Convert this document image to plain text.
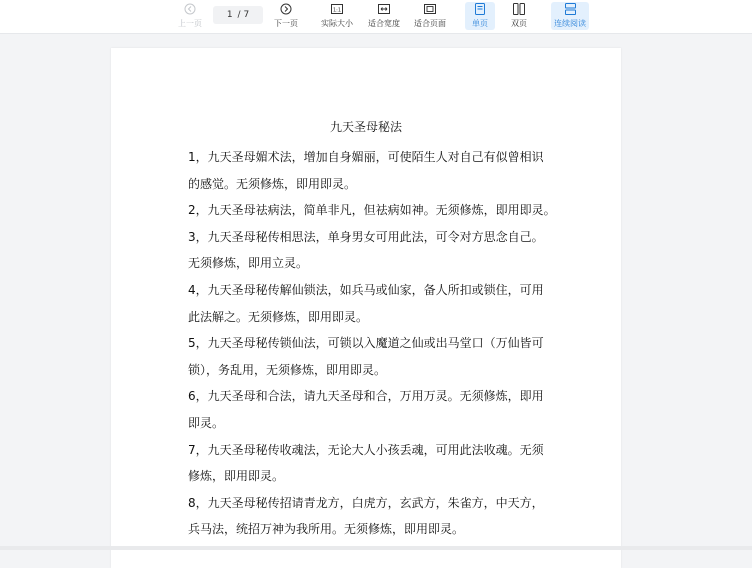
上一页
1 / 7
下一页
1:1
实际大小 适合宽度 适合页面	单页	双页	连续阅读
九天圣母秘法
1，九天圣母媚术法，增加自身媚丽，可使陌生人对自己有似曾相识
的感觉。无须修炼，即用即灵。
2，九天圣母祛病法，简单非凡，但祛病如神。无须修炼，即用即灵。
3，九天圣母秘传相思法，单身男女可用此法，可令对方思念自己。
无须修炼，即用立灵。
4，九天圣母秘传解仙锁法，如兵马或仙家，备人所扣或锁住，可用
此法解之。无须修炼，即用即灵。
5，九天圣母秘传锁仙法，可锁以入魔道之仙或出马堂口（万仙皆可
锁），务乱用，无须修炼，即用即灵。
6，九天圣母和合法，请九天圣母和合，万用万灵。无须修炼，即用
即灵。
7，九天圣母秘传收魂法，无论大人小孩丢魂，可用此法收魂。无须
修炼，即用即灵。
8，九天圣母秘传招请青龙方，白虎方，玄武方，朱雀方，中天方，
兵马法，统招万神为我所用。无须修炼，即用即灵。
